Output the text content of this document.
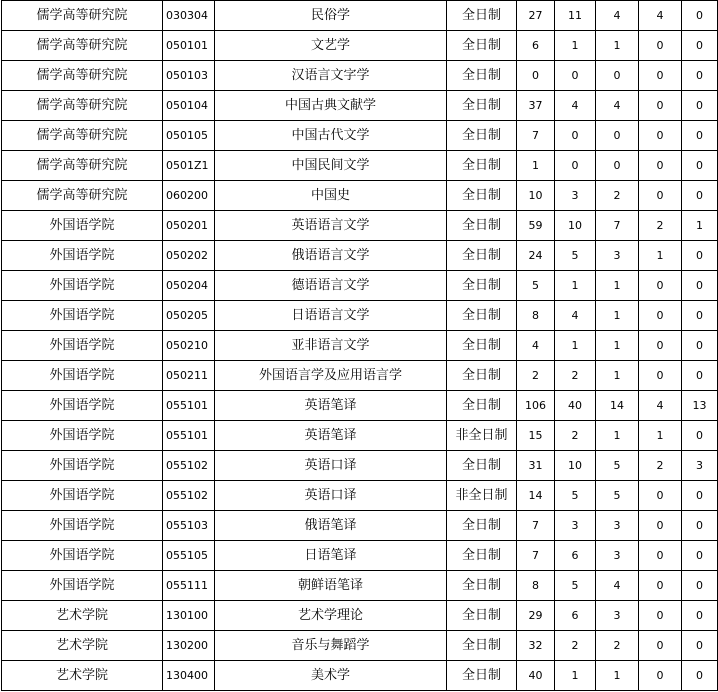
儒学高等研究院	030304	民俗学	全日制	27	11	4	4	0
儒学高等研究院	050101	文艺学	全日制	6	1	1	0	0
儒学高等研究院	050103	汉语言文字学	全日制	0	0	0	0	0
儒学高等研究院	050104	中国古典文献学	全日制	37	4	4	0	0
儒学高等研究院	050105	中国古代文学	全日制	7	0	0	0	0
儒学高等研究院	0501Z1	中国民间文学	全日制	1	0	0	0	0
儒学高等研究院	060200	中国史	全日制	10	3	2	0	0
外国语学院	050201	英语语言文学	全日制	59	10	7	2	1
外国语学院	050202	俄语语言文学	全日制	24	5	3	1	0
外国语学院	050204	德语语言文学	全日制	5	1	1	0	0
外国语学院	050205	日语语言文学	全日制	8	4	1	0	0
外国语学院	050210	亚非语言文学	全日制	4	1	1	0	0
外国语学院	050211	外国语言学及应用语言学	全日制	2	2	1	0	0
外国语学院	055101	英语笔译	全日制	106	40	14	4	13
外国语学院	055101	英语笔译	非全日制	15	2	1	1	0
外国语学院	055102	英语口译	全日制	31	10	5	2	3
外国语学院	055102	英语口译	非全日制	14	5	5	0	0
外国语学院	055103	俄语笔译	全日制	7	3	3	0	0
外国语学院	055105	日语笔译	全日制	7	6	3	0	0
外国语学院	055111	朝鲜语笔译	全日制	8	5	4	0	0
艺术学院	130100	艺术学理论	全日制	29	6	3	0	0
艺术学院	130200	音乐与舞蹈学	全日制	32	2	2	0	0
艺术学院	130400	美术学	全日制	40	1	1	0	0
